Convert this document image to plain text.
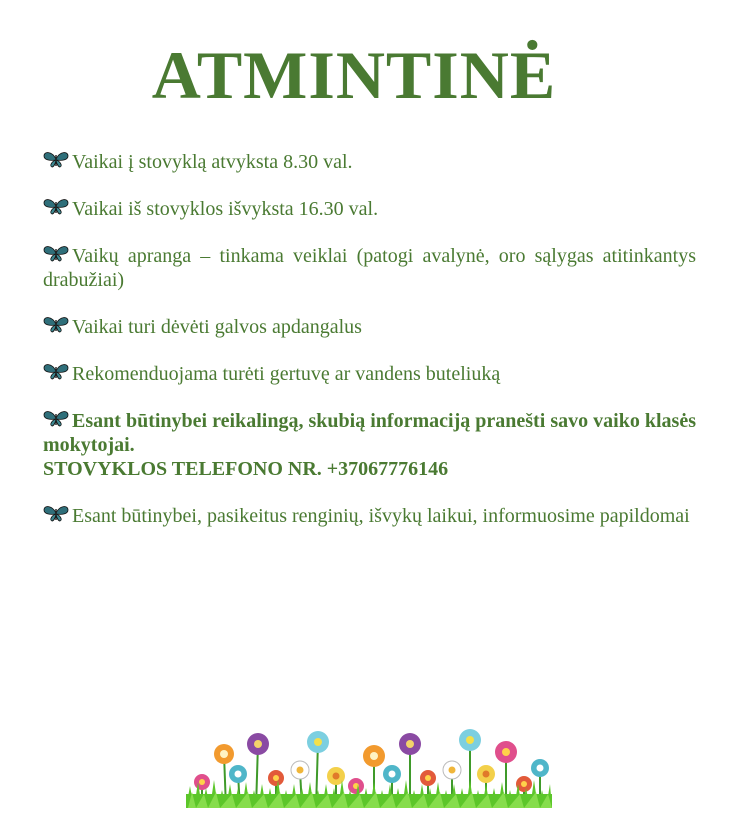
ATMINTINĖ
Vaikai į stovyklą atvyksta 8.30 val.
Vaikai iš stovyklos išvyksta 16.30 val.
Vaikų apranga – tinkama veiklai (patogi avalynė, oro sąlygas atitinkantys drabužiai)
Vaikai turi dėvėti galvos apdangalus
Rekomenduojama turėti gertuvę ar vandens buteliuką
Esant būtinybei reikalingą, skubią informaciją pranešti savo vaiko klasės mokytojai.
STOVYKLOS TELEFONO NR. +37067776146
Esant būtinybei, pasikeitus renginių, išvykų laikui, informuosime papildomai
